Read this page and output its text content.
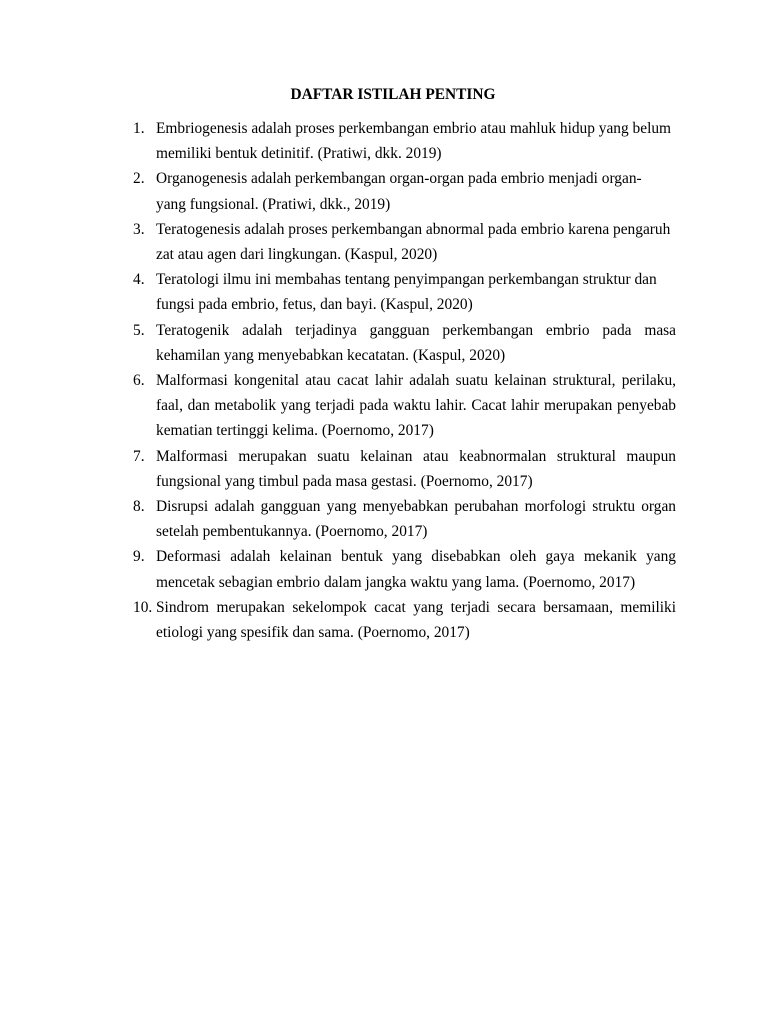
DAFTAR ISTILAH PENTING
1. Embriogenesis adalah proses perkembangan embrio atau mahluk hidup yang belum
memiliki bentuk detinitif. (Pratiwi, dkk. 2019)
2. Organogenesis adalah perkembangan organ-organ pada embrio menjadi organ-
yang fungsional. (Pratiwi, dkk., 2019)
3. Teratogenesis adalah proses perkembangan abnormal pada embrio karena pengaruh
zat atau agen dari lingkungan. (Kaspul, 2020)
4. Teratologi ilmu ini membahas tentang penyimpangan perkembangan struktur dan
fungsi pada embrio, fetus, dan bayi. (Kaspul, 2020)
5. Teratogenik adalah terjadinya gangguan perkembangan embrio pada masa
kehamilan yang menyebabkan kecatatan. (Kaspul, 2020)
6. Malformasi kongenital atau cacat lahir adalah suatu kelainan struktural, perilaku,
faal, dan metabolik yang terjadi pada waktu lahir. Cacat lahir merupakan penyebab
kematian tertinggi kelima. (Poernomo, 2017)
7. Malformasi merupakan suatu kelainan atau keabnormalan struktural maupun
fungsional yang timbul pada masa gestasi. (Poernomo, 2017)
8. Disrupsi adalah gangguan yang menyebabkan perubahan morfologi struktu organ
setelah pembentukannya. (Poernomo, 2017)
9. Deformasi adalah kelainan bentuk yang disebabkan oleh gaya mekanik yang
mencetak sebagian embrio dalam jangka waktu yang lama. (Poernomo, 2017)
10. Sindrom merupakan sekelompok cacat yang terjadi secara bersamaan, memiliki
etiologi yang spesifik dan sama. (Poernomo, 2017)
